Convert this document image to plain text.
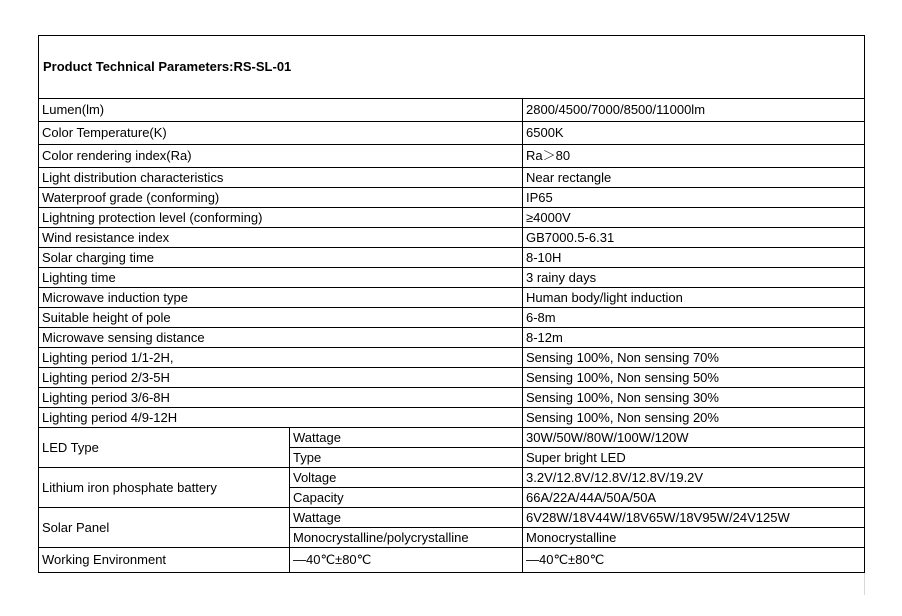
Product Technical Parameters:RS-SL-01		
Lumen(lm)		2800/4500/7000/8500/11000lm
Color Temperature(K)		6500K
Color rendering index(Ra)		Ra＞80
Light distribution characteristics		Near rectangle
Waterproof grade (conforming)		IP65
Lightning protection level (conforming)		≥4000V
Wind resistance index		GB7000.5-6.31
Solar charging time		8-10H
Lighting time		3 rainy days
Microwave induction type		Human body/light induction
Suitable height of pole		6-8m
Microwave sensing distance		8-12m
Lighting period 1/1-2H,		Sensing 100%, Non sensing 70%
Lighting period 2/3-5H		Sensing 100%, Non sensing 50%
Lighting period 3/6-8H		Sensing 100%, Non sensing 30%
Lighting period 4/9-12H		Sensing 100%, Non sensing 20%
LED Type	Wattage	30W/50W/80W/100W/120W
	Type	Super bright LED
Lithium iron phosphate battery	Voltage	3.2V/12.8V/12.8V/12.8V/19.2V
	Capacity	66A/22A/44A/50A/50A
Solar Panel	Wattage	6V28W/18V44W/18V65W/18V95W/24V125W
	Monocrystalline/polycrystalline	Monocrystalline
Working Environment	—40℃±80℃	—40℃±80℃
